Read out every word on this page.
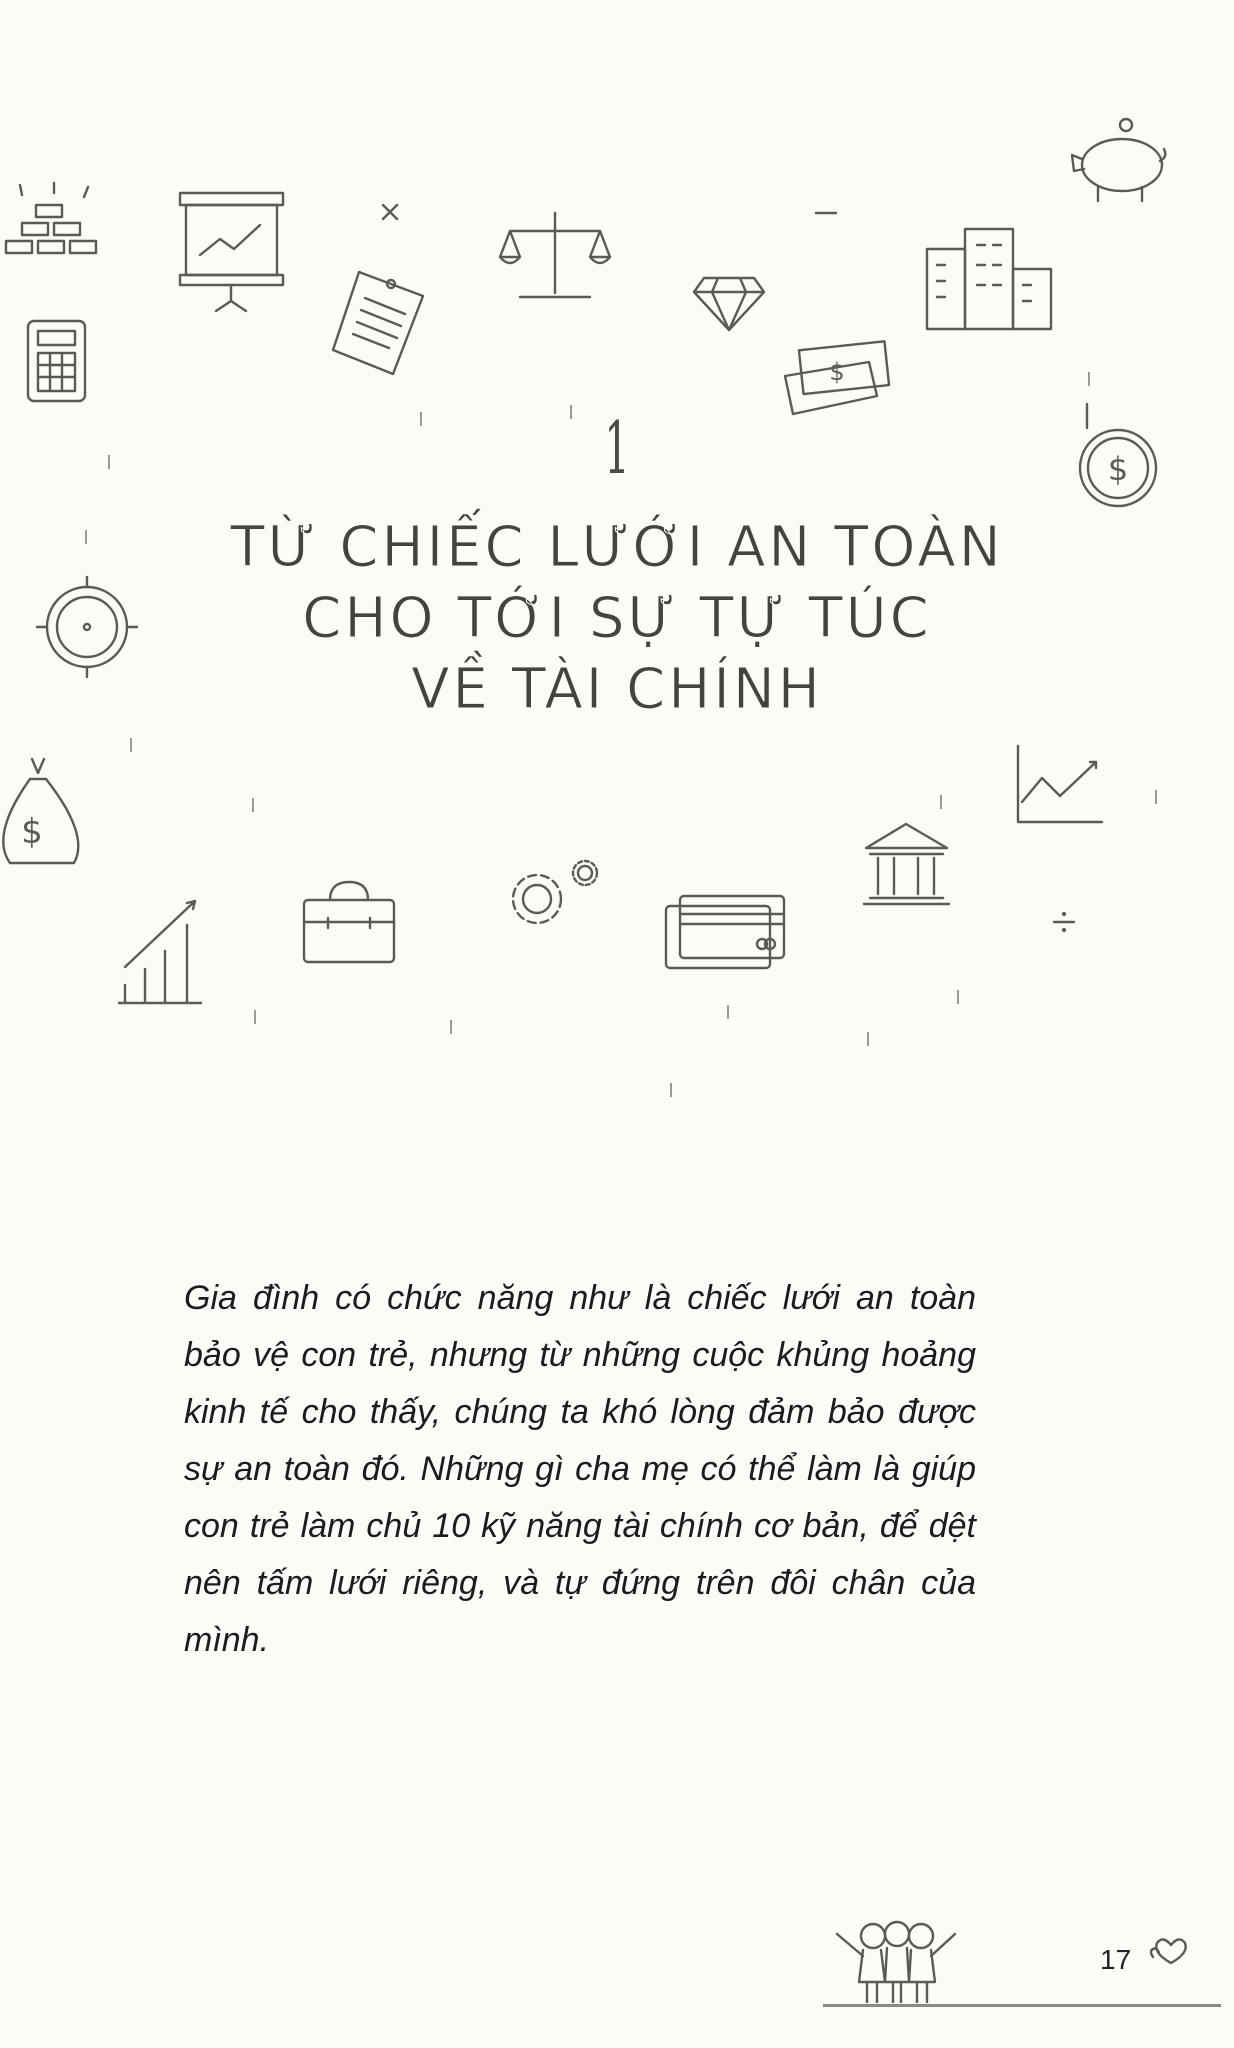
$
$
$
1
TỪ CHIẾC LƯỚI AN TOÀN
CHO TỚI SỰ TỰ TÚC
VỀ TÀI CHÍNH
Gia đình có chức năng như là chiếc lưới an toàn bảo vệ con trẻ, nhưng từ những cuộc khủng hoảng kinh tế cho thấy, chúng ta khó lòng đảm bảo được sự an toàn đó. Những gì cha mẹ có thể làm là giúp con trẻ làm chủ 10 kỹ năng tài chính cơ bản, để dệt nên tấm lưới riêng, và tự đứng trên đôi chân của mình.
17
